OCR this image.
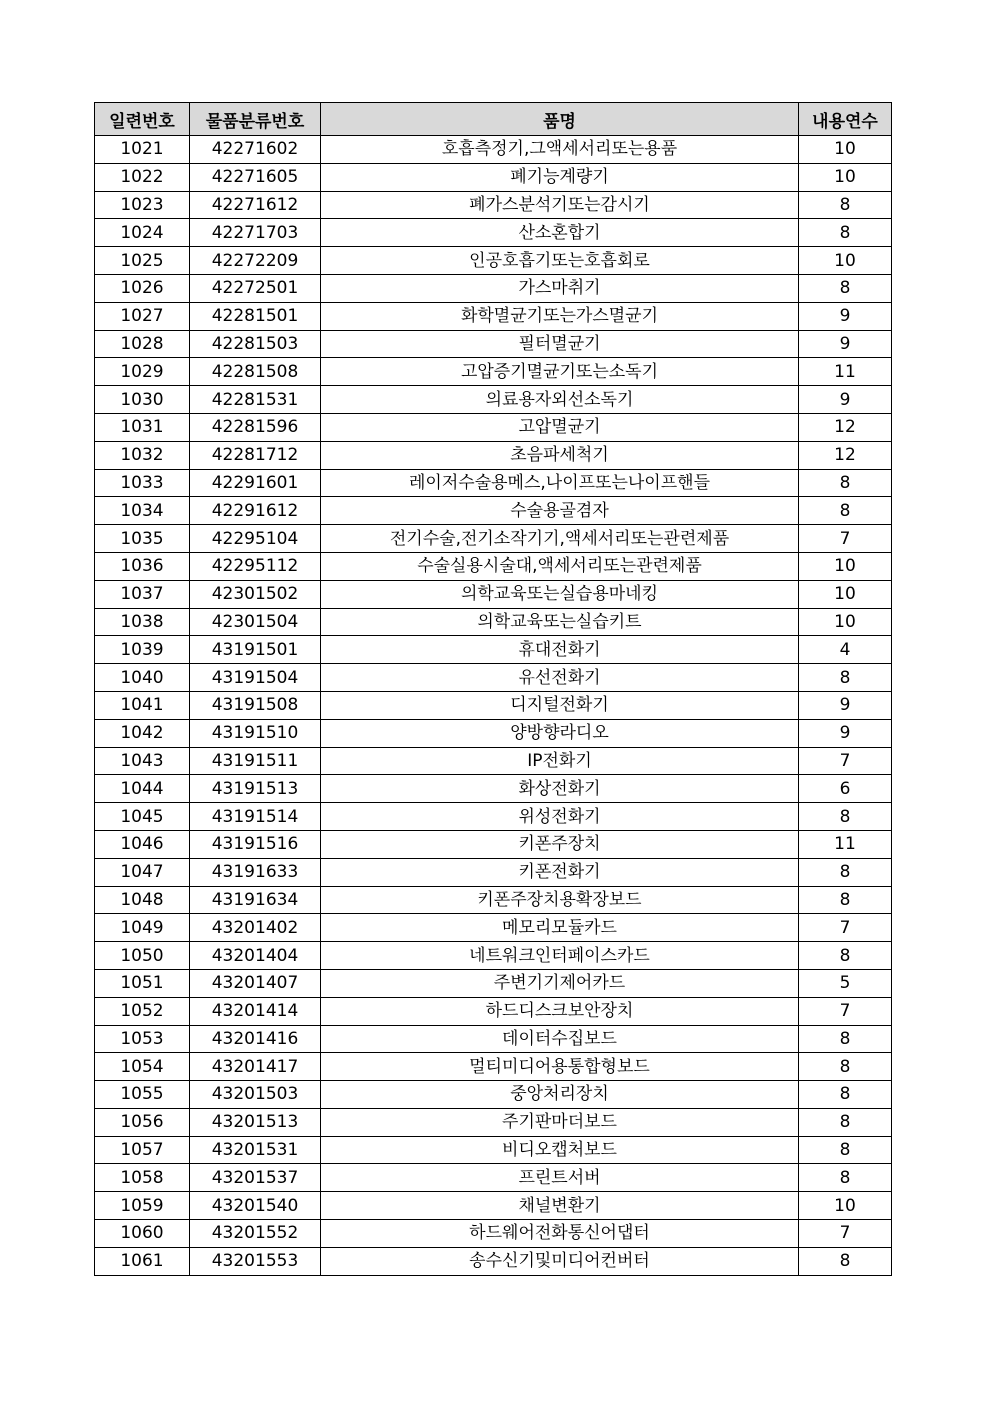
일련번호	물품분류번호	품명	내용연수
1021	42271602	호흡측정기,그액세서리또는용품	10
1022	42271605	폐기능계량기	10
1023	42271612	폐가스분석기또는감시기	8
1024	42271703	산소혼합기	8
1025	42272209	인공호흡기또는호흡회로	10
1026	42272501	가스마취기	8
1027	42281501	화학멸균기또는가스멸균기	9
1028	42281503	필터멸균기	9
1029	42281508	고압증기멸균기또는소독기	11
1030	42281531	의료용자외선소독기	9
1031	42281596	고압멸균기	12
1032	42281712	초음파세척기	12
1033	42291601	레이저수술용메스,나이프또는나이프핸들	8
1034	42291612	수술용골겸자	8
1035	42295104	전기수술,전기소작기기,액세서리또는관련제품	7
1036	42295112	수술실용시술대,액세서리또는관련제품	10
1037	42301502	의학교육또는실습용마네킹	10
1038	42301504	의학교육또는실습키트	10
1039	43191501	휴대전화기	4
1040	43191504	유선전화기	8
1041	43191508	디지털전화기	9
1042	43191510	양방향라디오	9
1043	43191511	IP전화기	7
1044	43191513	화상전화기	6
1045	43191514	위성전화기	8
1046	43191516	키폰주장치	11
1047	43191633	키폰전화기	8
1048	43191634	키폰주장치용확장보드	8
1049	43201402	메모리모듈카드	7
1050	43201404	네트워크인터페이스카드	8
1051	43201407	주변기기제어카드	5
1052	43201414	하드디스크보안장치	7
1053	43201416	데이터수집보드	8
1054	43201417	멀티미디어용통합형보드	8
1055	43201503	중앙처리장치	8
1056	43201513	주기판마더보드	8
1057	43201531	비디오캡처보드	8
1058	43201537	프린트서버	8
1059	43201540	채널변환기	10
1060	43201552	하드웨어전화통신어댑터	7
1061	43201553	송수신기및미디어컨버터	8
